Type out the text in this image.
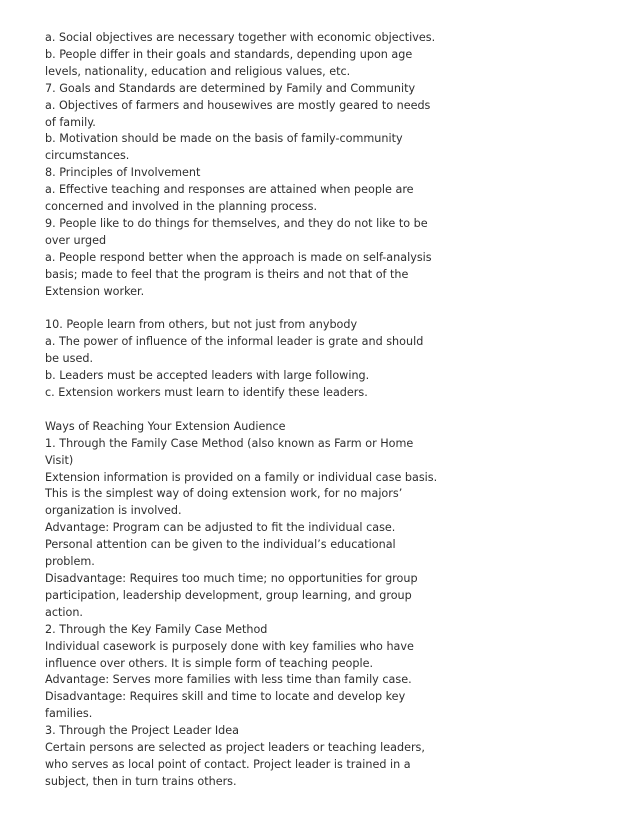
a. Social objectives are necessary together with economic objectives.
b. People differ in their goals and standards, depending upon age
levels, nationality, education and religious values, etc.
7. Goals and Standards are determined by Family and Community
a. Objectives of farmers and housewives are mostly geared to needs
of family.
b. Motivation should be made on the basis of family-community
circumstances.
8. Principles of Involvement
a. Effective teaching and responses are attained when people are
concerned and involved in the planning process.
9. People like to do things for themselves, and they do not like to be
over urged
a. People respond better when the approach is made on self-analysis
basis; made to feel that the program is theirs and not that of the
Extension worker.
10. People learn from others, but not just from anybody
a. The power of influence of the informal leader is grate and should
be used.
b. Leaders must be accepted leaders with large following.
c. Extension workers must learn to identify these leaders.
Ways of Reaching Your Extension Audience
1. Through the Family Case Method (also known as Farm or Home
Visit)
Extension information is provided on a family or individual case basis.
This is the simplest way of doing extension work, for no majors’
organization is involved.
Advantage: Program can be adjusted to fit the individual case.
Personal attention can be given to the individual’s educational
problem.
Disadvantage: Requires too much time; no opportunities for group
participation, leadership development, group learning, and group
action.
2. Through the Key Family Case Method
Individual casework is purposely done with key families who have
influence over others. It is simple form of teaching people.
Advantage: Serves more families with less time than family case.
Disadvantage: Requires skill and time to locate and develop key
families.
3. Through the Project Leader Idea
Certain persons are selected as project leaders or teaching leaders,
who serves as local point of contact. Project leader is trained in a
subject, then in turn trains others.
